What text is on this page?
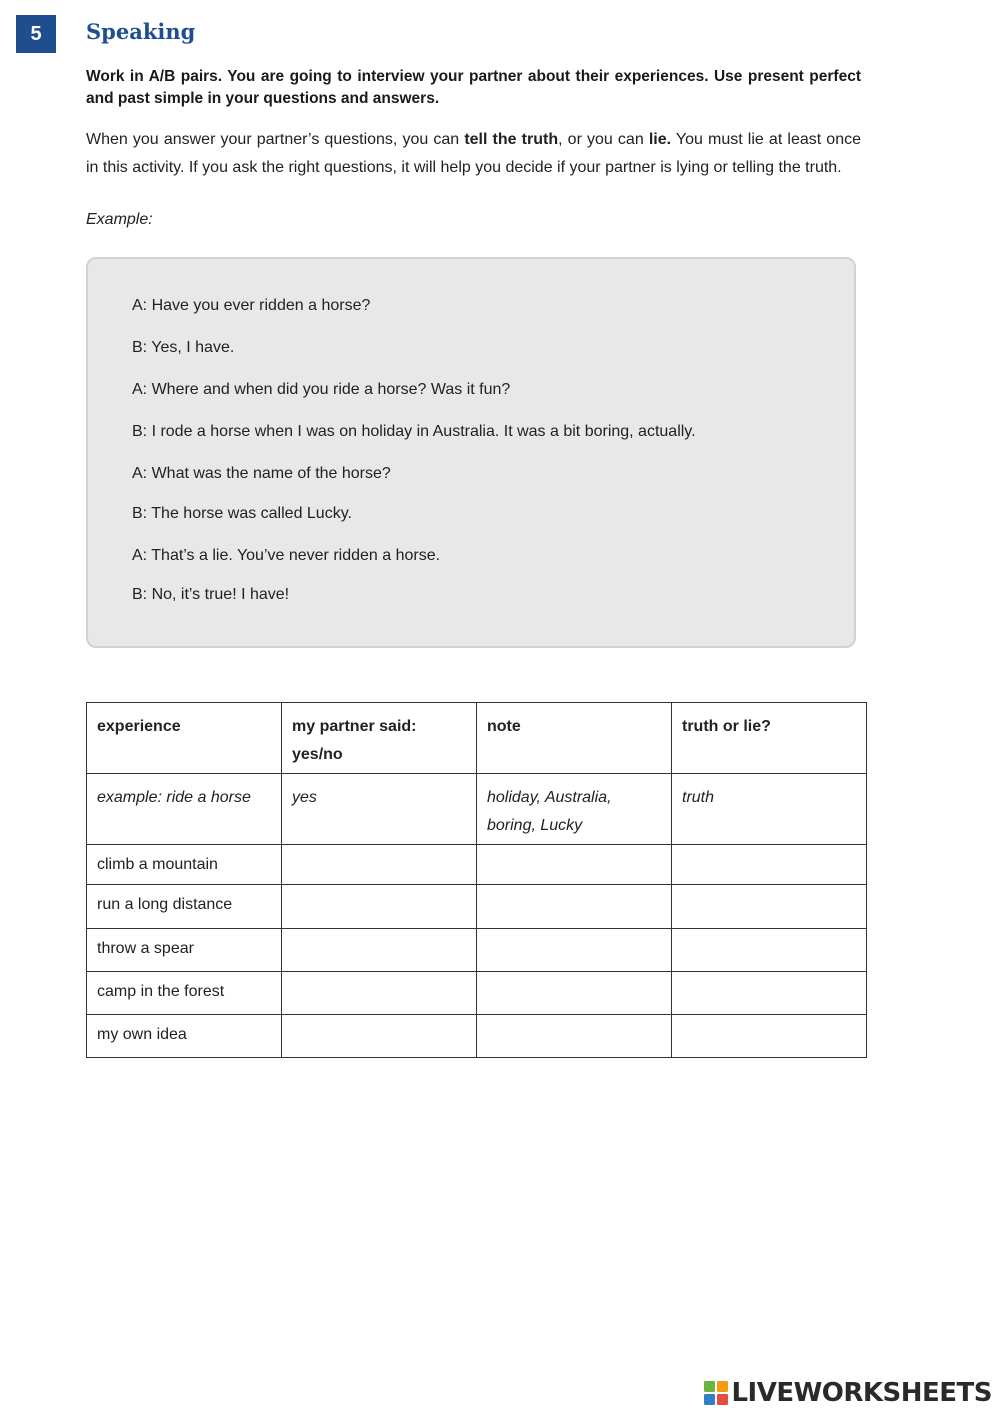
5	Speaking
Work in A/B pairs. You are going to interview your partner about their experiences. Use present perfect and past simple in your questions and answers.
When you answer your partner’s questions, you can tell the truth, or you can lie. You must lie at least once in this activity. If you ask the right questions, it will help you decide if your partner is lying or telling the truth.
Example:
A: Have you ever ridden a horse?
B: Yes, I have.
A: Where and when did you ride a horse? Was it fun?
B: I rode a horse when I was on holiday in Australia. It was a bit boring, actually.
A: What was the name of the horse?
B: The horse was called Lucky.
A: That’s a lie. You’ve never ridden a horse.
B: No, it’s true! I have!
experience	my partner said: yes/no	note	truth or lie?
example: ride a horse	yes	holiday, Australia, boring, Lucky	truth
climb a mountain			
run a long distance			
throw a spear			
camp in the forest			
my own idea			
LIVEWORKSHEETS
